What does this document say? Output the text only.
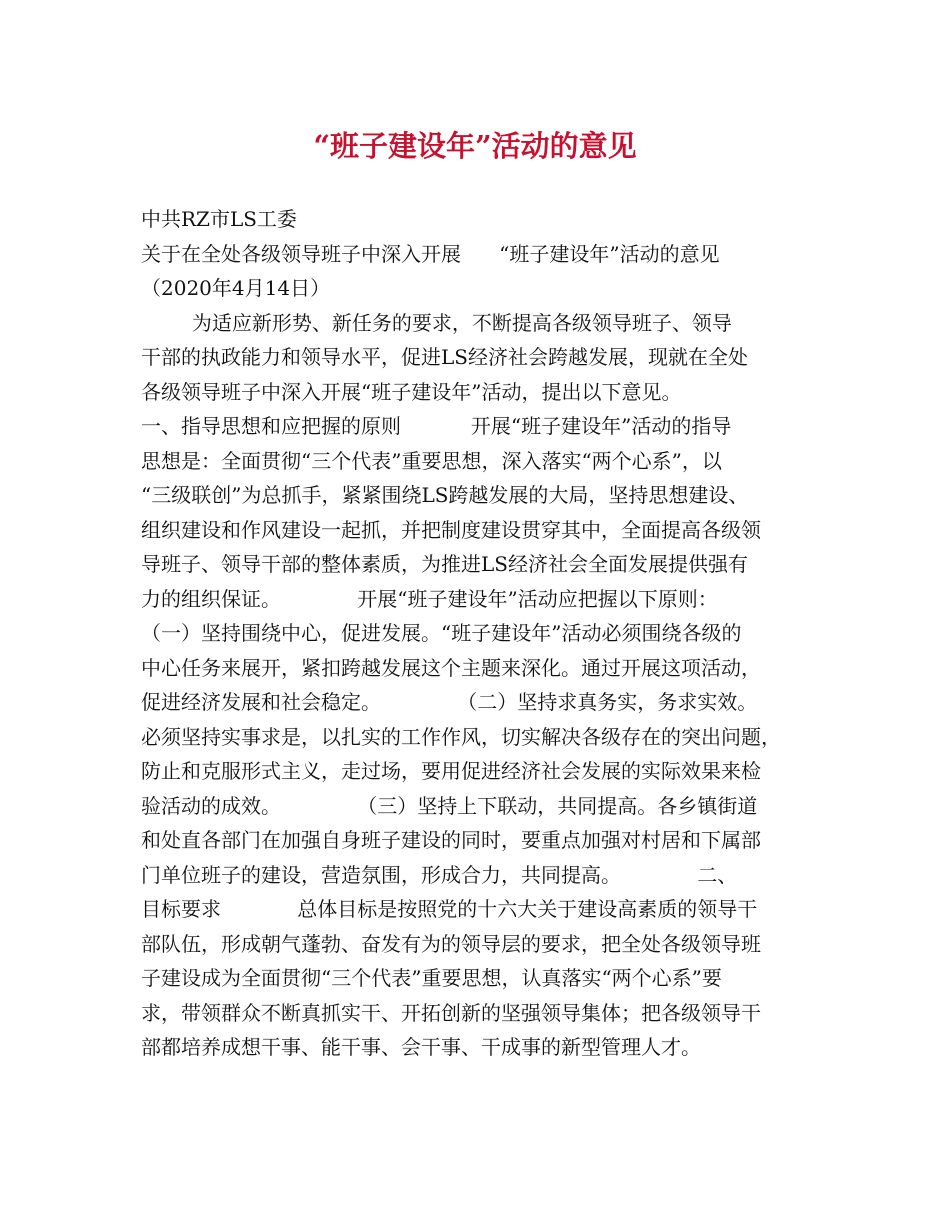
“班子建设年”活动的意见

中共RZ市LS工委

关于在全处各级领导班子中深入开展      “班子建设年”活动的意见

（2020年4月14日）

为适应新形势、新任务的要求，不断提高各级领导班子、领导

干部的执政能力和领导水平，促进LS经济社会跨越发展，现就在全处

各级领导班子中深入开展“班子建设年”活动，提出以下意见。

一、指导思想和应把握的原则           开展“班子建设年”活动的指导

思想是：全面贯彻“三个代表”重要思想，深入落实“两个心系”，以

“三级联创”为总抓手，紧紧围绕LS跨越发展的大局，坚持思想建设、

组织建设和作风建设一起抓，并把制度建设贯穿其中，全面提高各级领

导班子、领导干部的整体素质，为推进LS经济社会全面发展提供强有

力的组织保证。            开展“班子建设年”活动应把握以下原则：

（一）坚持围绕中心，促进发展。“班子建设年”活动必须围绕各级的

中心任务来展开，紧扣跨越发展这个主题来深化。通过开展这项活动，

促进经济发展和社会稳定。            （二）坚持求真务实，务求实效。

必须坚持实事求是，以扎实的工作作风，切实解决各级存在的突出问题，

防止和克服形式主义，走过场，要用促进经济社会发展的实际效果来检

验活动的成效。            （三）坚持上下联动，共同提高。各乡镇街道

和处直各部门在加强自身班子建设的同时，要重点加强对村居和下属部

门单位班子的建设，营造氛围，形成合力，共同提高。            二、

目标要求            总体目标是按照党的十六大关于建设高素质的领导干

部队伍，形成朝气蓬勃、奋发有为的领导层的要求，把全处各级领导班

子建设成为全面贯彻“三个代表”重要思想，认真落实“两个心系”要

求，带领群众不断真抓实干、开拓创新的坚强领导集体；把各级领导干

部都培养成想干事、能干事、会干事、干成事的新型管理人才。
